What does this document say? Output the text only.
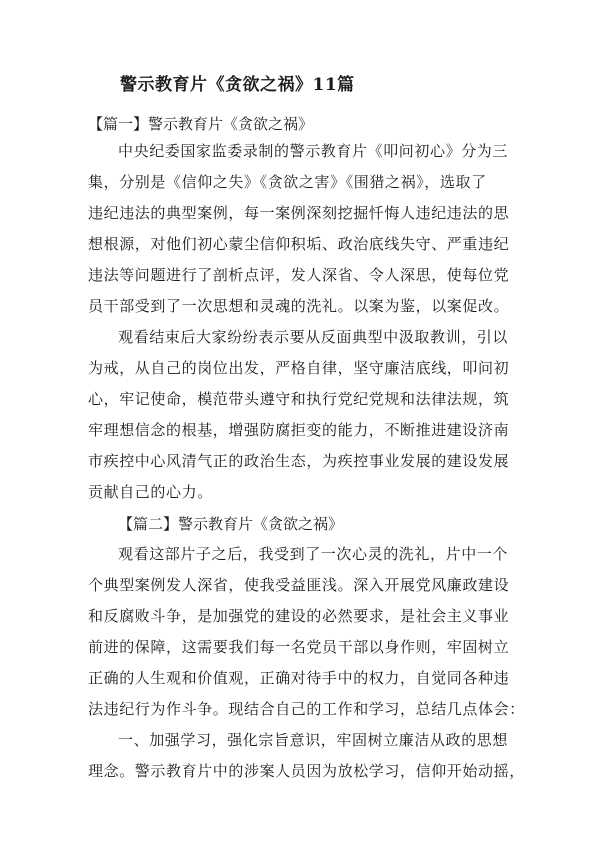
警示教育片《贪欲之祸》11篇
【篇一】警示教育片《贪欲之祸》
中央纪委国家监委录制的警示教育片《叩问初心》分为三
集，分别是《信仰之失》《贪欲之害》《围猎之祸》，选取了
违纪违法的典型案例，每一案例深刻挖掘忏悔人违纪违法的思
想根源，对他们初心蒙尘信仰积垢、政治底线失守、严重违纪
违法等问题进行了剖析点评，发人深省、令人深思，使每位党
员干部受到了一次思想和灵魂的洗礼。以案为鉴，以案促改。
观看结束后大家纷纷表示要从反面典型中汲取教训，引以
为戒，从自己的岗位出发，严格自律，坚守廉洁底线，叩问初
心，牢记使命，模范带头遵守和执行党纪党规和法律法规，筑
牢理想信念的根基，增强防腐拒变的能力，不断推进建设济南
市疾控中心风清气正的政治生态，为疾控事业发展的建设发展
贡献自己的心力。
【篇二】警示教育片《贪欲之祸》
观看这部片子之后，我受到了一次心灵的洗礼，片中一个
个典型案例发人深省，使我受益匪浅。深入开展党风廉政建设
和反腐败斗争，是加强党的建设的必然要求，是社会主义事业
前进的保障，这需要我们每一名党员干部以身作则，牢固树立
正确的人生观和价值观，正确对待手中的权力，自觉同各种违
法违纪行为作斗争。现结合自己的工作和学习，总结几点体会：
一、加强学习，强化宗旨意识，牢固树立廉洁从政的思想
理念。警示教育片中的涉案人员因为放松学习，信仰开始动摇，
